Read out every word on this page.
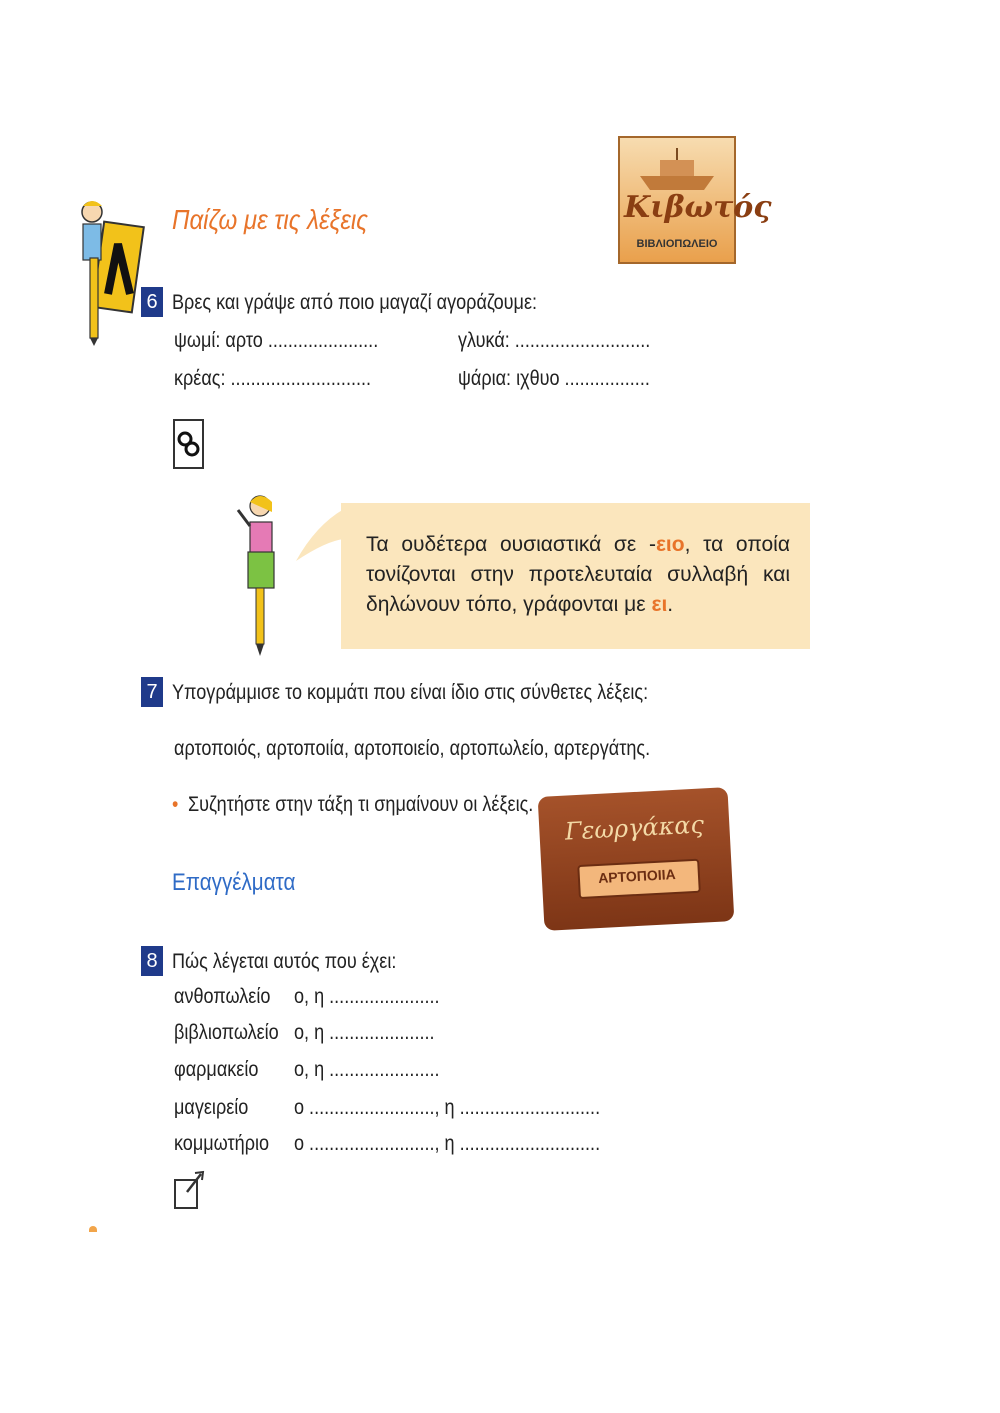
Παίζω με τις λέξεις	Κιβωτός
ΒΙΒΛΙΟΠΩΛΕΙΟ
6 Βρες και γράψε από ποιο μαγαζί αγοράζουμε:
ψωμί: αρτο ......................	γλυκά: ...........................
κρέας: ............................	ψάρια: ιχθυο .................
Τα ουδέτερα ουσιαστικά σε -ειο, τα οποία τονίζονται στην προτελευταία συλλαβή και δηλώνουν τόπο, γράφονται με ει.
7 Υπογράμμισε το κομμάτι που είναι ίδιο στις σύνθετες λέξεις:
αρτοποιός, αρτοποιία, αρτοποιείο, αρτοπωλείο, αρτεργάτης.
• Συζητήστε στην τάξη τι σημαίνουν οι λέξεις.
Γεωργάκας
ΑΡΤΟΠΟΙΙΑ
Επαγγέλματα
8 Πώς λέγεται αυτός που έχει:
ανθοπωλείο ο, η ......................
βιβλιοπωλείο ο, η .....................
φαρμακείο ο, η ......................
μαγειρείο ο ........................., η ............................
κομμωτήριο ο ........................., η ............................
